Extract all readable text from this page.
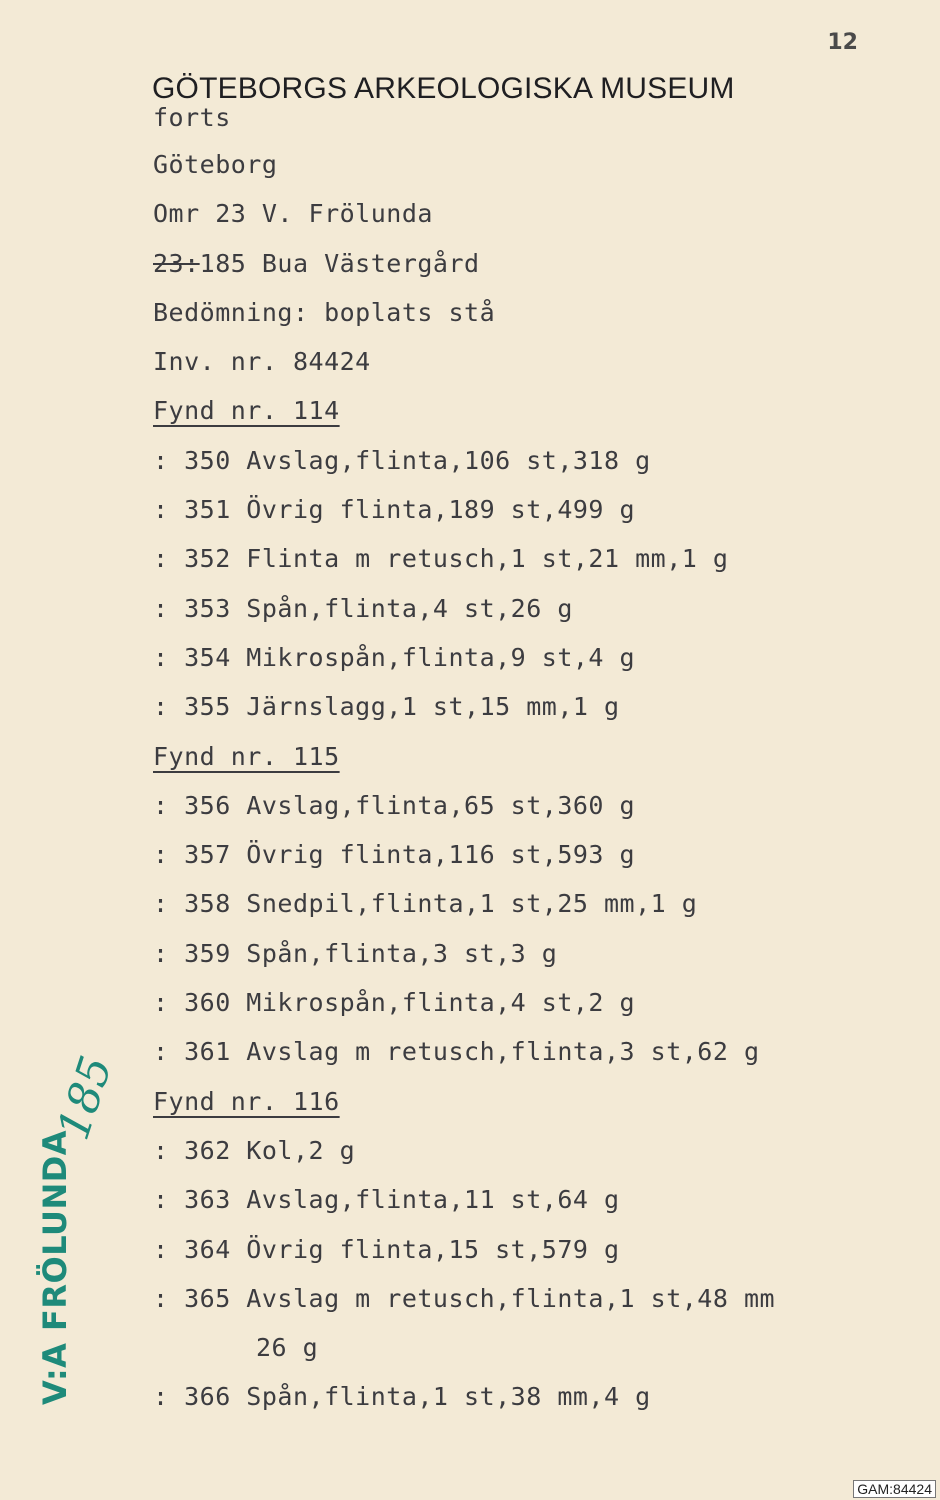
12
GÖTEBORGS ARKEOLOGISKA MUSEUM
forts
Göteborg
Omr 23 V. Frölunda
23:185 Bua Västergård
Bedömning: boplats stå
Inv. nr. 84424
Fynd nr. 114
: 350 Avslag,flinta,106 st,318 g
: 351 Övrig flinta,189 st,499 g
: 352 Flinta m retusch,1 st,21 mm,1 g
: 353 Spån,flinta,4 st,26 g
: 354 Mikrospån,flinta,9 st,4 g
: 355 Järnslagg,1 st,15 mm,1 g
Fynd nr. 115
: 356 Avslag,flinta,65 st,360 g
: 357 Övrig flinta,116 st,593 g
: 358 Snedpil,flinta,1 st,25 mm,1 g
: 359 Spån,flinta,3 st,3 g
: 360 Mikrospån,flinta,4 st,2 g
: 361 Avslag m retusch,flinta,3 st,62 g
Fynd nr. 116
: 362 Kol,2 g
: 363 Avslag,flinta,11 st,64 g
: 364 Övrig flinta,15 st,579 g
: 365 Avslag m retusch,flinta,1 st,48 mm
26 g
: 366 Spån,flinta,1 st,38 mm,4 g
V:A FRÖLUNDA
185
GAM:84424
